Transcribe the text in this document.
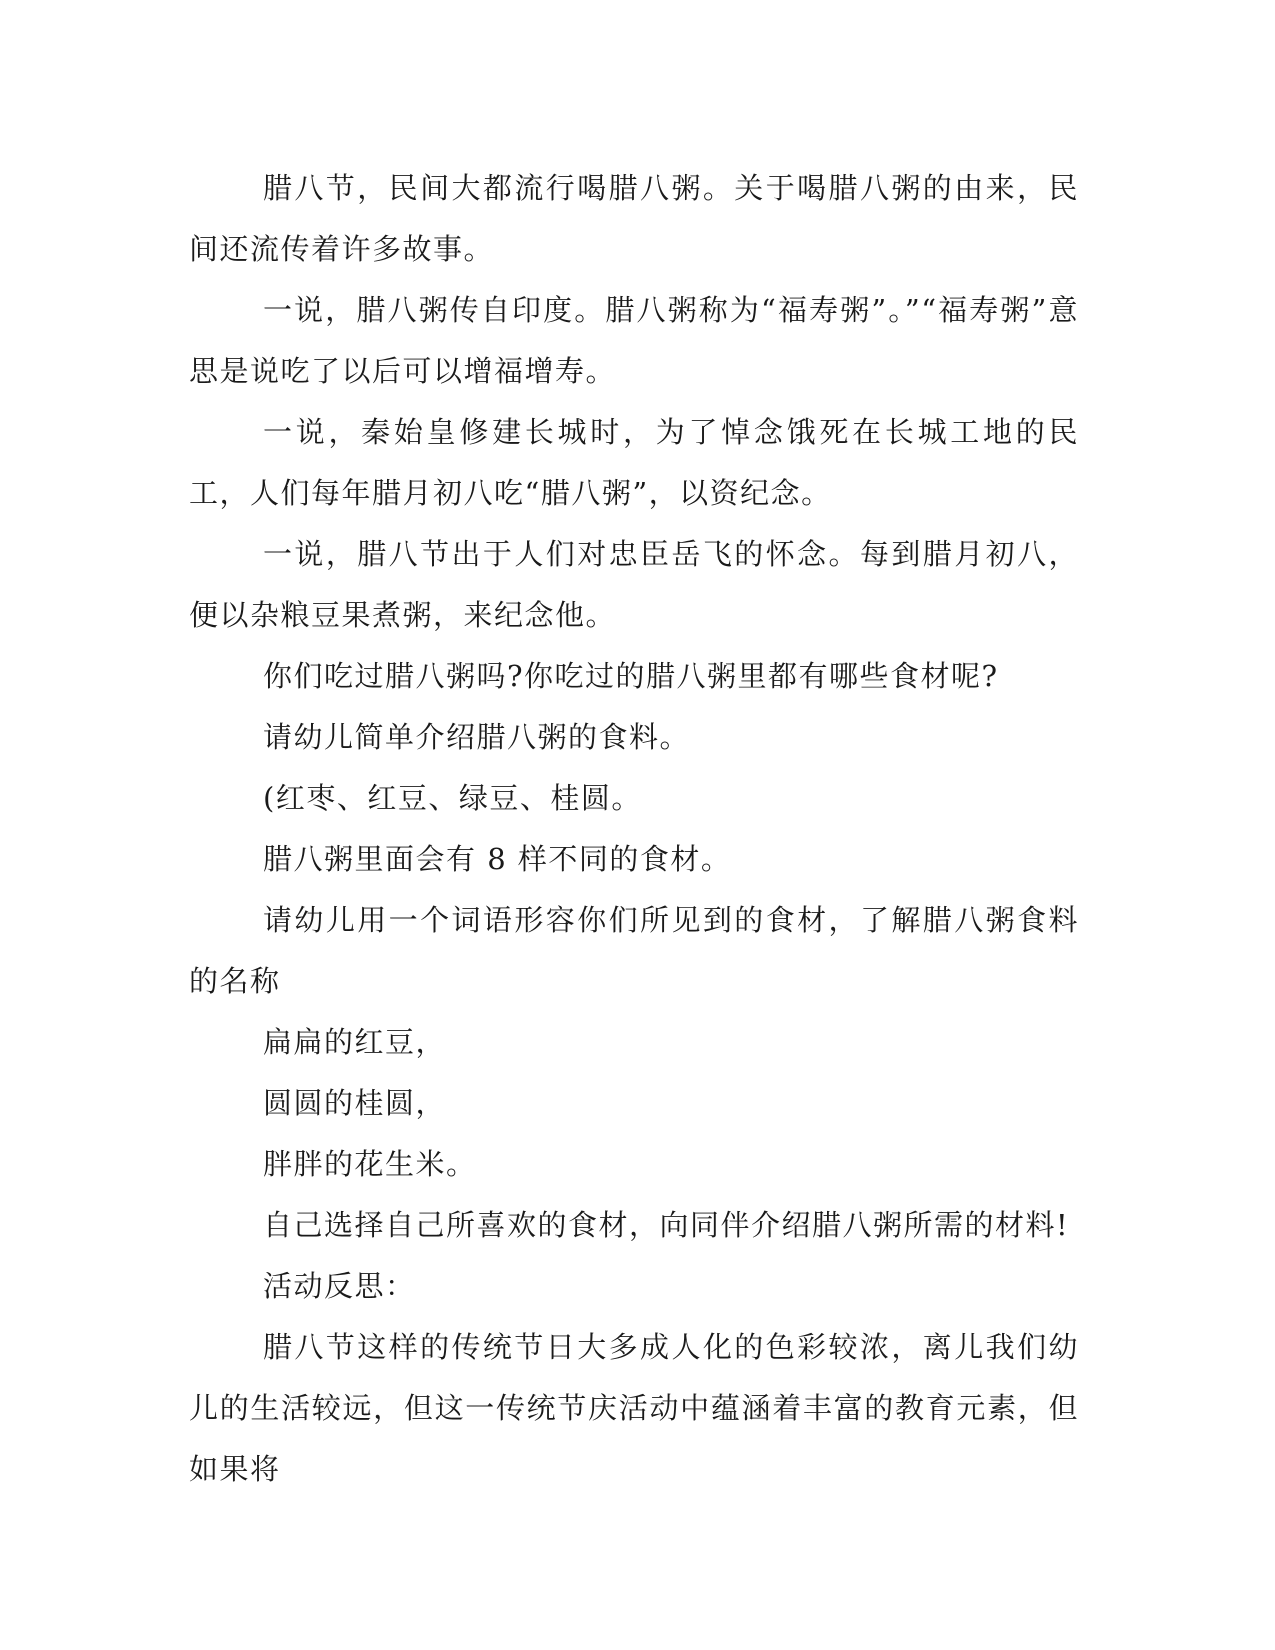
腊八节，民间大都流行喝腊八粥。关于喝腊八粥的由来，民间还流传着许多故事。

一说，腊八粥传自印度。腊八粥称为“福寿粥”。”“福寿粥”意思是说吃了以后可以增福增寿。

一说，秦始皇修建长城时，为了悼念饿死在长城工地的民工，人们每年腊月初八吃“腊八粥”，以资纪念。

一说，腊八节出于人们对忠臣岳飞的怀念。每到腊月初八，便以杂粮豆果煮粥，来纪念他。

你们吃过腊八粥吗?你吃过的腊八粥里都有哪些食材呢?

请幼儿简单介绍腊八粥的食料。

(红枣、红豆、绿豆、桂圆。

腊八粥里面会有 8 样不同的食材。

请幼儿用一个词语形容你们所见到的食材，了解腊八粥食料的名称

扁扁的红豆，

圆圆的桂圆，

胖胖的花生米。

自己选择自己所喜欢的食材，向同伴介绍腊八粥所需的材料!

活动反思：

腊八节这样的传统节日大多成人化的色彩较浓，离儿我们幼儿的生活较远，但这一传统节庆活动中蕴涵着丰富的教育元素，但如果将
